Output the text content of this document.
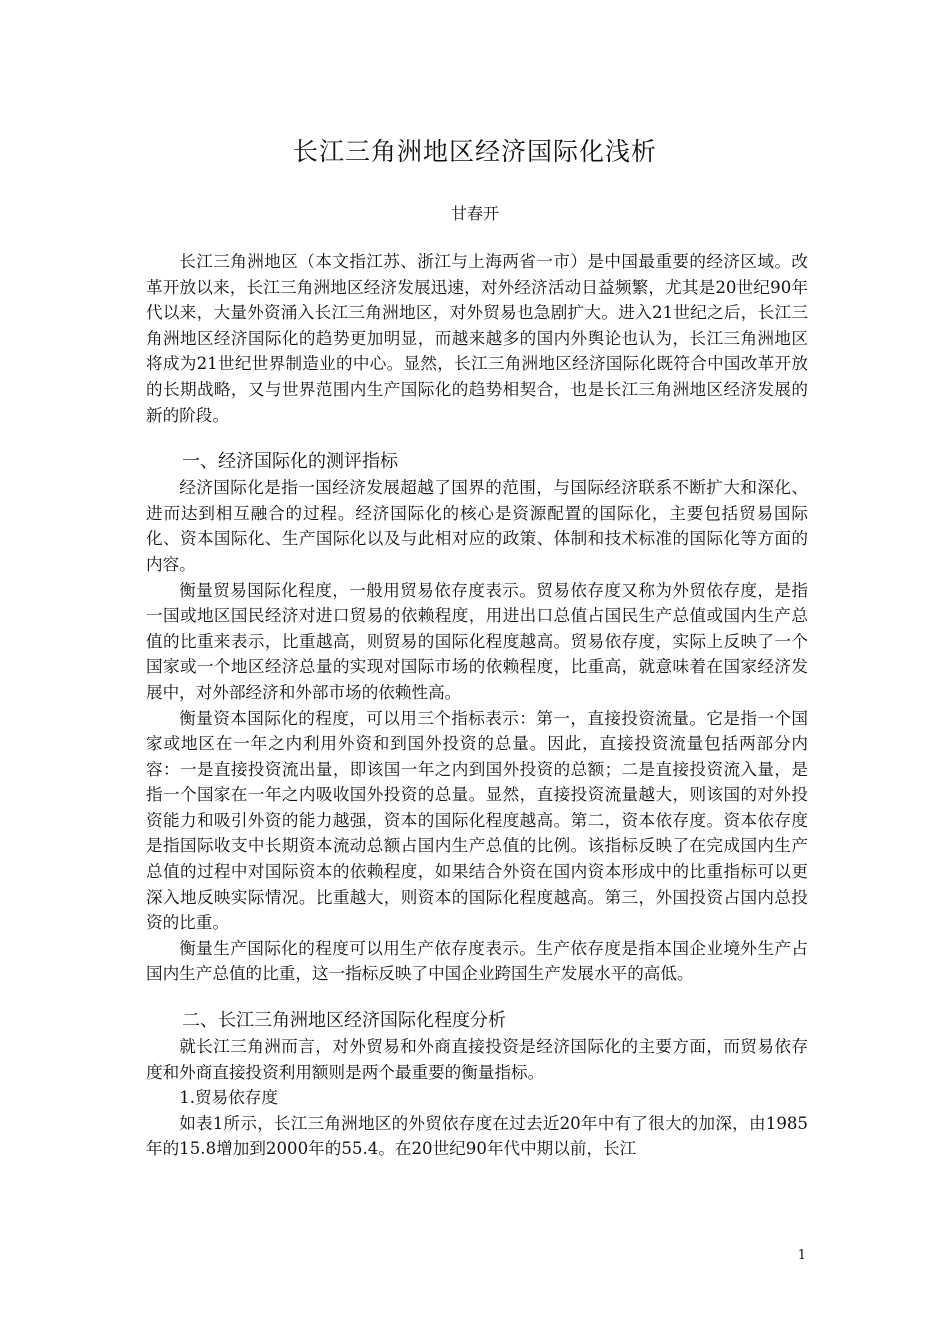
长江三角洲地区经济国际化浅析

甘春开

长江三角洲地区（本文指江苏、浙江与上海两省一市）是中国最重要的经济区域。改革开放以来，长江三角洲地区经济发展迅速，对外经济活动日益频繁，尤其是20世纪90年代以来，大量外资涌入长江三角洲地区，对外贸易也急剧扩大。进入21世纪之后，长江三角洲地区经济国际化的趋势更加明显，而越来越多的国内外舆论也认为，长江三角洲地区将成为21世纪世界制造业的中心。显然，长江三角洲地区经济国际化既符合中国改革开放的长期战略，又与世界范围内生产国际化的趋势相契合，也是长江三角洲地区经济发展的新的阶段。

一、经济国际化的测评指标

经济国际化是指一国经济发展超越了国界的范围，与国际经济联系不断扩大和深化、进而达到相互融合的过程。经济国际化的核心是资源配置的国际化，主要包括贸易国际化、资本国际化、生产国际化以及与此相对应的政策、体制和技术标准的国际化等方面的内容。

衡量贸易国际化程度，一般用贸易依存度表示。贸易依存度又称为外贸依存度，是指一国或地区国民经济对进口贸易的依赖程度，用进出口总值占国民生产总值或国内生产总值的比重来表示，比重越高，则贸易的国际化程度越高。贸易依存度，实际上反映了一个国家或一个地区经济总量的实现对国际市场的依赖程度，比重高，就意味着在国家经济发展中，对外部经济和外部市场的依赖性高。

衡量资本国际化的程度，可以用三个指标表示：第一，直接投资流量。它是指一个国家或地区在一年之内利用外资和到国外投资的总量。因此，直接投资流量包括两部分内容：一是直接投资流出量，即该国一年之内到国外投资的总额；二是直接投资流入量，是指一个国家在一年之内吸收国外投资的总量。显然，直接投资流量越大，则该国的对外投资能力和吸引外资的能力越强，资本的国际化程度越高。第二，资本依存度。资本依存度是指国际收支中长期资本流动总额占国内生产总值的比例。该指标反映了在完成国内生产总值的过程中对国际资本的依赖程度，如果结合外资在国内资本形成中的比重指标可以更深入地反映实际情况。比重越大，则资本的国际化程度越高。第三，外国投资占国内总投资的比重。

衡量生产国际化的程度可以用生产依存度表示。生产依存度是指本国企业境外生产占国内生产总值的比重，这一指标反映了中国企业跨国生产发展水平的高低。

二、长江三角洲地区经济国际化程度分析

就长江三角洲而言，对外贸易和外商直接投资是经济国际化的主要方面，而贸易依存度和外商直接投资利用额则是两个最重要的衡量指标。

1.贸易依存度

如表1所示，长江三角洲地区的外贸依存度在过去近20年中有了很大的加深，由1985年的15.8增加到2000年的55.4。在20世纪90年代中期以前，长江

1
